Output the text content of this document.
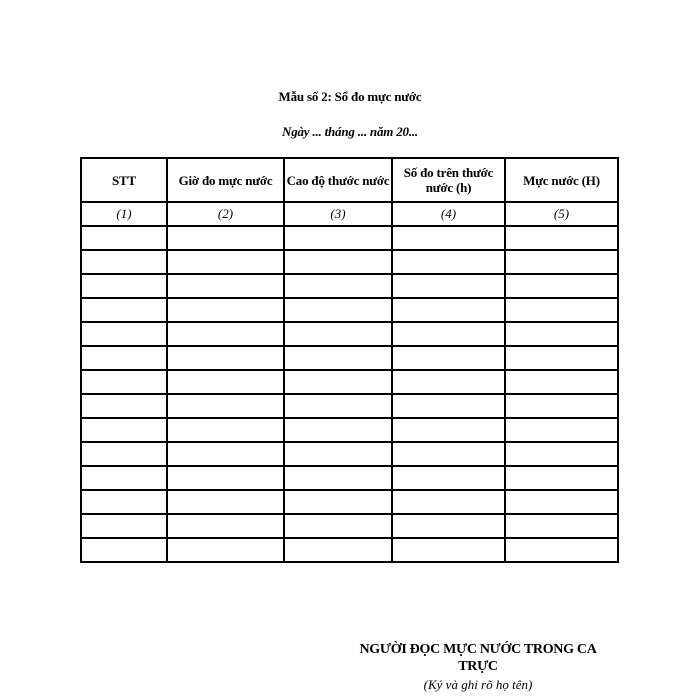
Mẫu số 2: Sổ đo mực nước
Ngày ... tháng ... năm 20...
STT	Giờ đo mực nước	Cao độ thước nước	Số đo trên thước nước (h)	Mực nước (H)
(1)	(2)	(3)	(4)	(5)

NGƯỜI ĐỌC MỰC NƯỚC TRONG CA TRỰC
(Ký và ghi rõ họ tên)
